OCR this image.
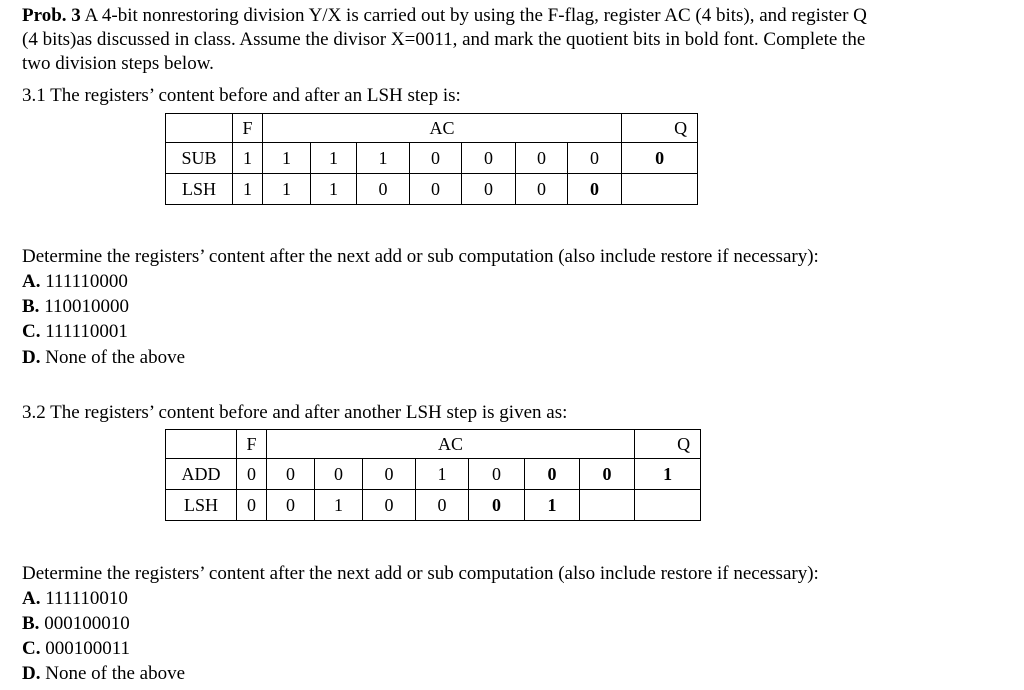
Prob. 3 A 4-bit nonrestoring division Y/X is carried out by using the F-flag, register AC (4 bits), and register Q
(4 bits)as discussed in class. Assume the divisor X=0011, and mark the quotient bits in bold font. Complete the
two division steps below.
3.1 The registers’ content before and after an LSH step is:
	F	AC							Q
SUB	1	1	1	1	0	0	0	0	0
LSH	1	1	1	0	0	0	0	0	
Determine the registers’ content after the next add or sub computation (also include restore if necessary):
A. 111110000
B. 110010000
C. 111110001
D. None of the above
3.2 The registers’ content before and after another LSH step is given as:
	F	AC							Q
ADD	0	0	0	0	1	0	0	0	1
LSH	0	0	1	0	0	0	1		
Determine the registers’ content after the next add or sub computation (also include restore if necessary):
A. 111110010
B. 000100010
C. 000100011
D. None of the above
